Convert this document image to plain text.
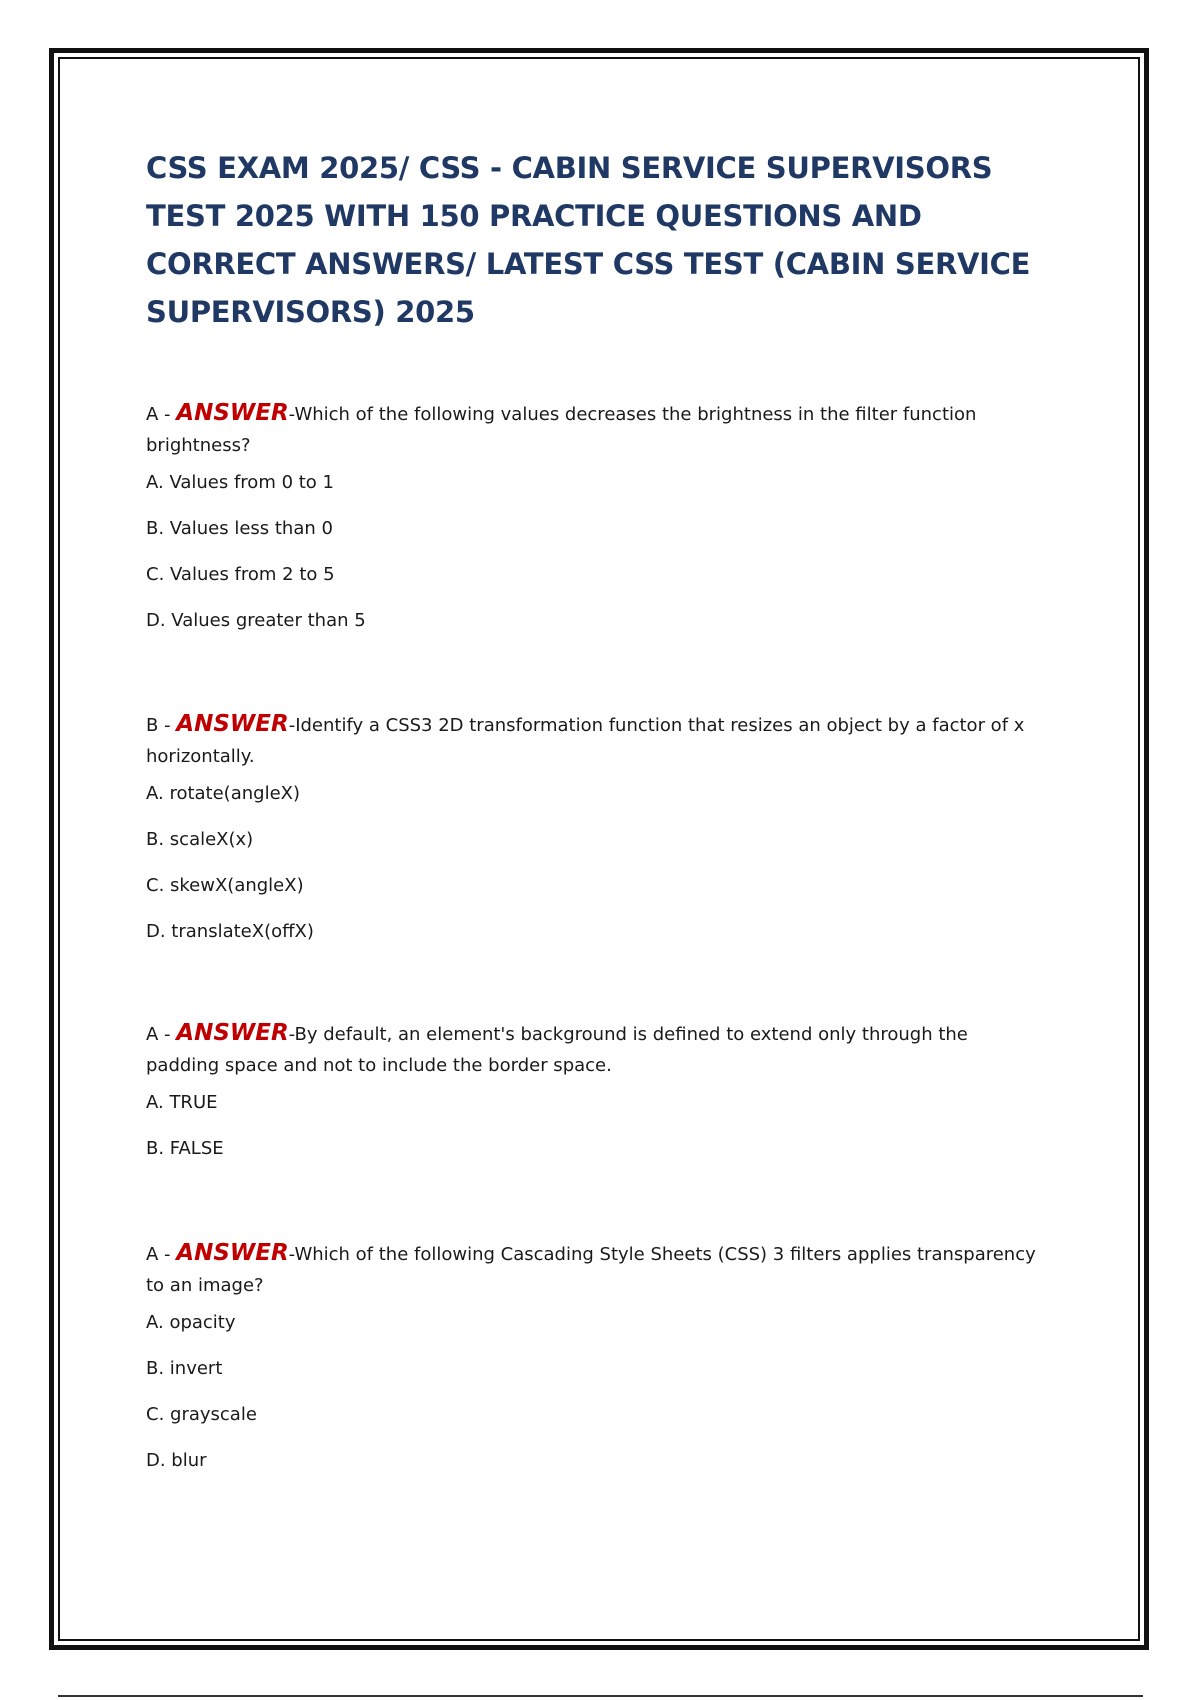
CSS EXAM 2025/ CSS - CABIN SERVICE SUPERVISORS TEST 2025 WITH 150 PRACTICE QUESTIONS AND CORRECT ANSWERS/ LATEST CSS TEST (CABIN SERVICE SUPERVISORS) 2025

A - ANSWER-Which of the following values decreases the brightness in the filter function brightness?

A. Values from 0 to 1
B. Values less than 0
C. Values from 2 to 5
D. Values greater than 5

B - ANSWER-Identify a CSS3 2D transformation function that resizes an object by a factor of x horizontally.

A. rotate(angleX)
B. scaleX(x)
C. skewX(angleX)
D. translateX(offX)

A - ANSWER-By default, an element's background is defined to extend only through the padding space and not to include the border space.

A. TRUE
B. FALSE

A - ANSWER-Which of the following Cascading Style Sheets (CSS) 3 filters applies transparency to an image?

A. opacity
B. invert
C. grayscale
D. blur
